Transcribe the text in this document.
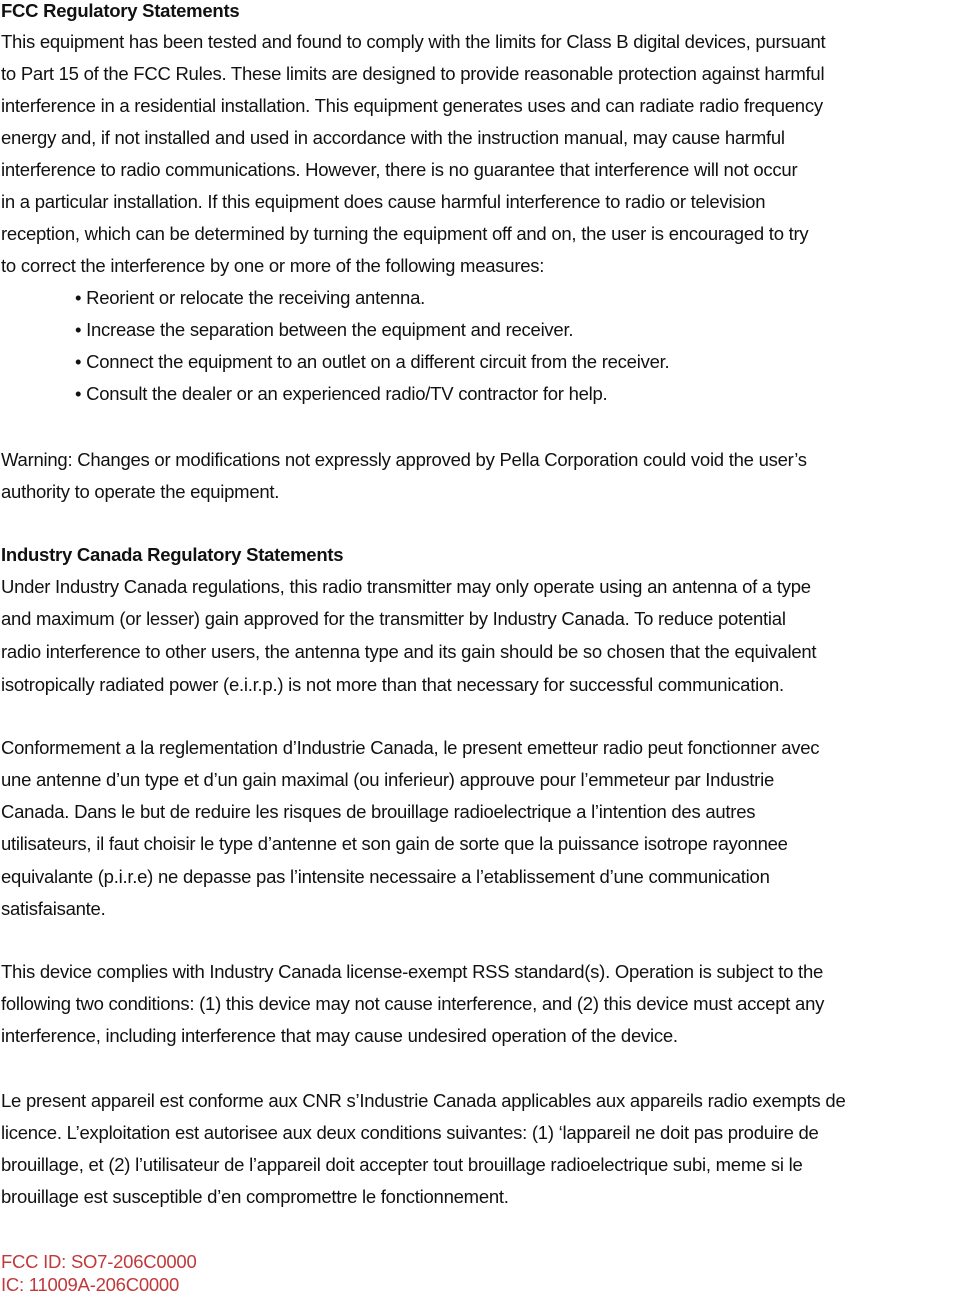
FCC Regulatory Statements
This equipment has been tested and found to comply with the limits for Class B digital devices, pursuant
to Part 15 of the FCC Rules. These limits are designed to provide reasonable protection against harmful
interference in a residential installation. This equipment generates uses and can radiate radio frequency
energy and, if not installed and used in accordance with the instruction manual, may cause harmful
interference to radio communications. However, there is no guarantee that interference will not occur
in a particular installation. If this equipment does cause harmful interference to radio or television
reception, which can be determined by turning the equipment off and on, the user is encouraged to try
to correct the interference by one or more of the following measures:
• Reorient or relocate the receiving antenna.
• Increase the separation between the equipment and receiver.
• Connect the equipment to an outlet on a different circuit from the receiver.
• Consult the dealer or an experienced radio/TV contractor for help.
Warning: Changes or modifications not expressly approved by Pella Corporation could void the user’s
authority to operate the equipment.
Industry Canada Regulatory Statements
Under Industry Canada regulations, this radio transmitter may only operate using an antenna of a type
and maximum (or lesser) gain approved for the transmitter by Industry Canada. To reduce potential
radio interference to other users, the antenna type and its gain should be so chosen that the equivalent
isotropically radiated power (e.i.r.p.) is not more than that necessary for successful communication.
Conformement a la reglementation d’Industrie Canada, le present emetteur radio peut fonctionner avec
une antenne d’un type et d’un gain maximal (ou inferieur) approuve pour l’emmeteur par Industrie
Canada. Dans le but de reduire les risques de brouillage radioelectrique a l’intention des autres
utilisateurs, il faut choisir le type d’antenne et son gain de sorte que la puissance isotrope rayonnee
equivalante (p.i.r.e) ne depasse pas l’intensite necessaire a l’etablissement d’une communication
satisfaisante.
This device complies with Industry Canada license-exempt RSS standard(s). Operation is subject to the
following two conditions: (1) this device may not cause interference, and (2) this device must accept any
interference, including interference that may cause undesired operation of the device.
Le present appareil est conforme aux CNR s’Industrie Canada applicables aux appareils radio exempts de
licence. L’exploitation est autorisee aux deux conditions suivantes: (1) ‘lappareil ne doit pas produire de
brouillage, et (2) l’utilisateur de l’appareil doit accepter tout brouillage radioelectrique subi, meme si le
brouillage est susceptible d’en compromettre le fonctionnement.
FCC ID: SO7-206C0000
IC: 11009A-206C0000
